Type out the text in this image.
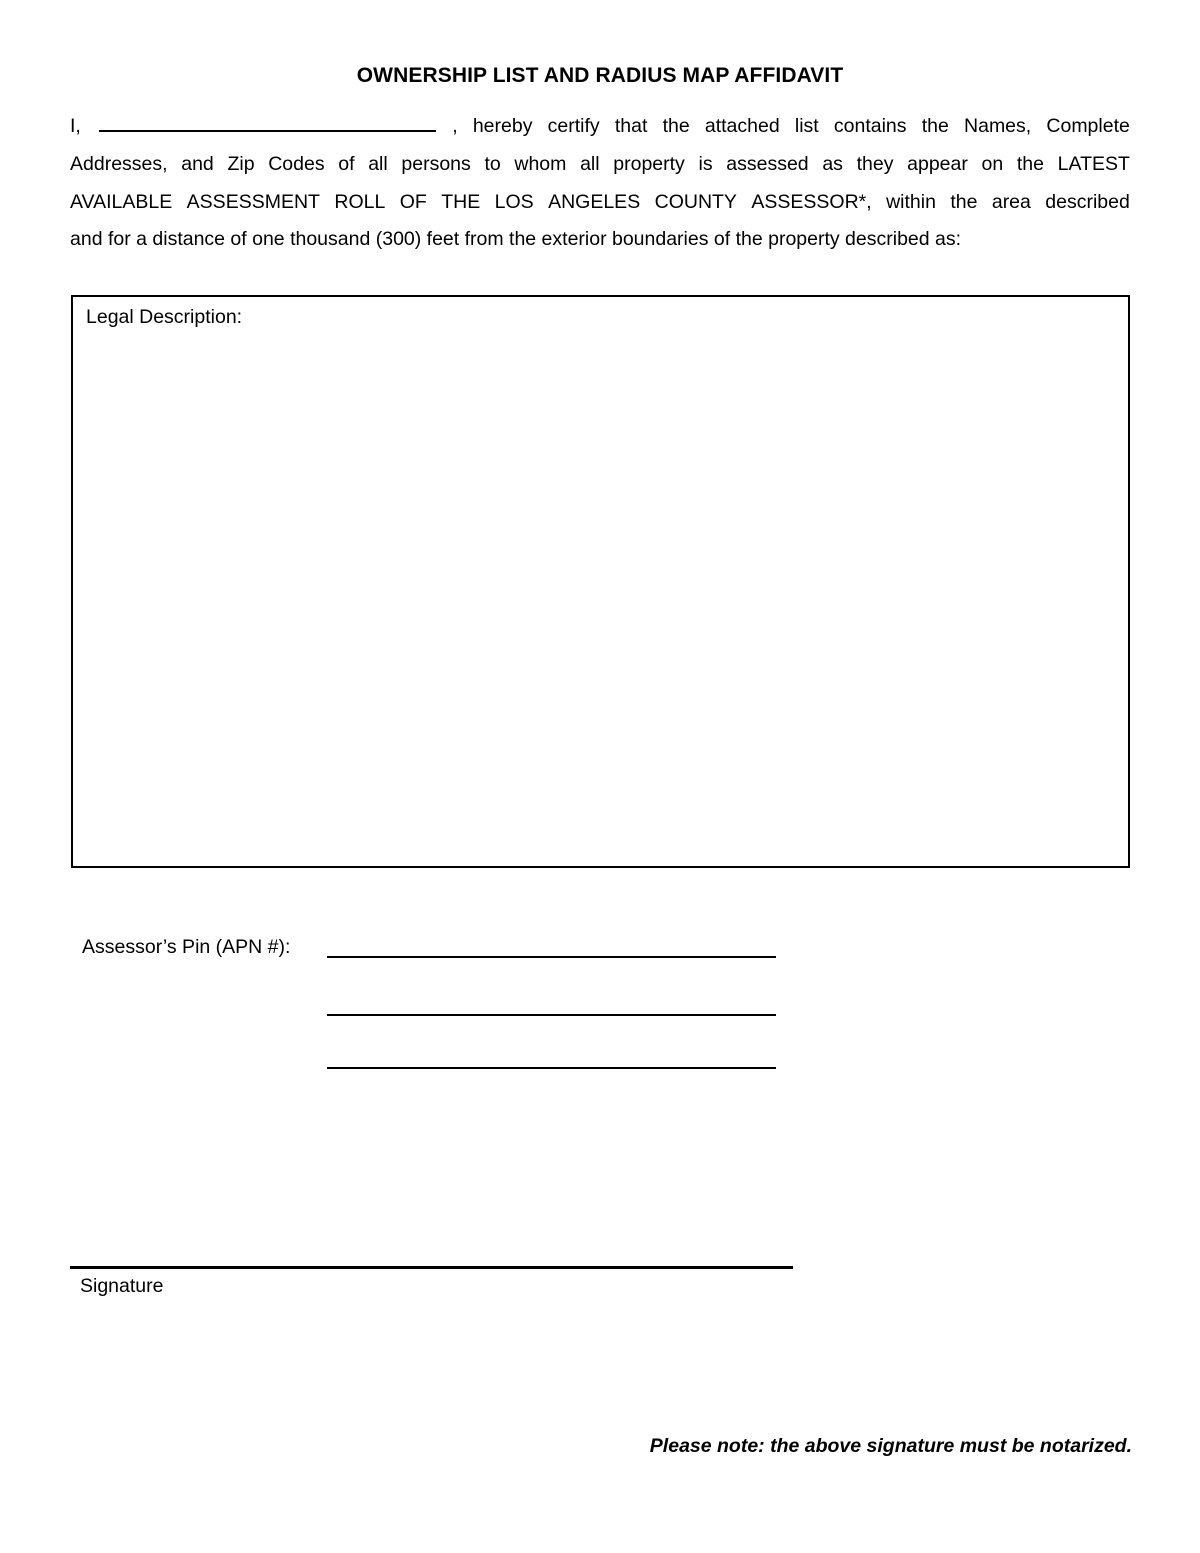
OWNERSHIP LIST AND RADIUS MAP AFFIDAVIT
I,	, hereby certify that the attached list contains the Names, Complete
Addresses, and Zip Codes of all persons to whom all property is assessed as they appear on the LATEST
AVAILABLE ASSESSMENT ROLL OF THE LOS ANGELES COUNTY ASSESSOR*, within the area described
and for a distance of one thousand (300) feet from the exterior boundaries of the property described as:
Legal Description:
Assessor’s Pin (APN #):
Signature
Please note: the above signature must be notarized.
